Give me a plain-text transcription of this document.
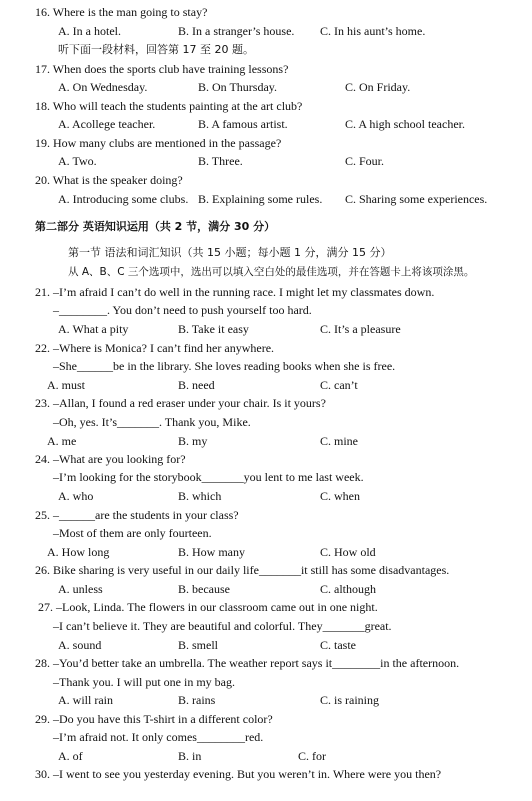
16. Where is the man going to stay?
A. In a hotel.	B. In a stranger’s house. C. In his aunt’s home.
听下面一段材料，回答第 17 至 20 题。
17. When does the sports club have training lessons?
A. On Wednesday.	B. On Thursday.	C. On Friday.
18. Who will teach the students painting at the art club?
A. Acollege teacher.	B. A famous artist.	C. A high school teacher.
19. How many clubs are mentioned in the passage?
A. Two.	B. Three.	C. Four.
20. What is the speaker doing?
A. Introducing some clubs. B. Explaining some rules. C. Sharing some experiences.
第二部分 英语知识运用（共 2 节，满分 30 分）
第一节 语法和词汇知识（共 15 小题；每小题 1 分，满分 15 分）
从 A、B、C 三个选项中，选出可以填入空白处的最佳选项，并在答题卡上将该项涂黑。
21. –I’m afraid I can’t do well in the running race. I might let my classmates down.
–________. You don’t need to push yourself too hard.
A. What a pity	B. Take it easy	C. It’s a pleasure
22. –Where is Monica? I can’t find her anywhere.
–She______be in the library. She loves reading books when she is free.
A. must	B. need	C. can’t
23. –Allan, I found a red eraser under your chair. Is it yours?
–Oh, yes. It’s_______. Thank you, Mike.
A. me	B. my	C. mine
24. –What are you looking for?
–I’m looking for the storybook_______you lent to me last week.
A. who	B. which	C. when
25. –______are the students in your class?
–Most of them are only fourteen.
A. How long	B. How many	C. How old
26. Bike sharing is very useful in our daily life_______it still has some disadvantages.
A. unless	B. because	C. although
27. –Look, Linda. The flowers in our classroom came out in one night.
–I can’t believe it. They are beautiful and colorful. They_______great.
A. sound	B. smell	C. taste
28. –You’d better take an umbrella. The weather report says it________in the afternoon.
–Thank you. I will put one in my bag.
A. will rain	B. rains	C. is raining
29. –Do you have this T-shirt in a different color?
–I’m afraid not. It only comes________red.
A. of	B. in	C. for
30. –I went to see you yesterday evening. But you weren’t in. Where were you then?
